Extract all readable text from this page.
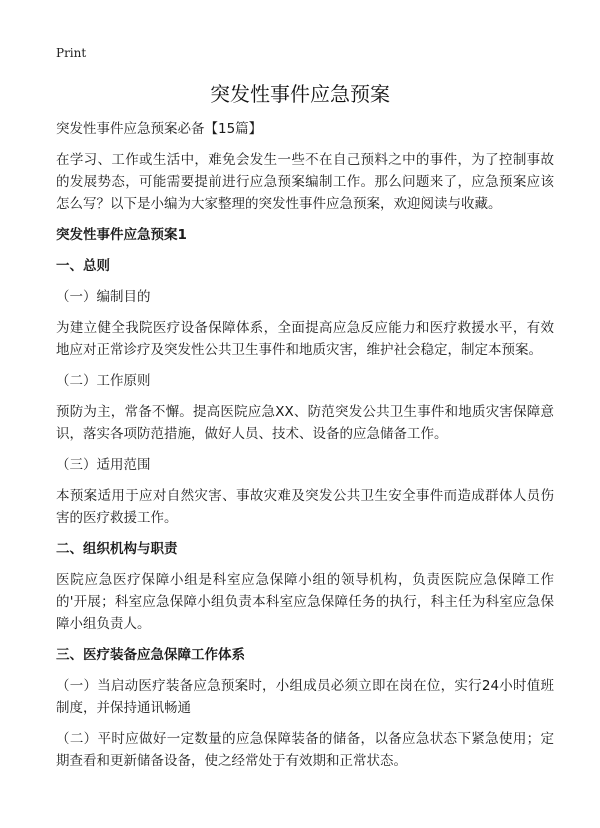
Print
突发性事件应急预案

突发性事件应急预案必备【15篇】

在学习、工作或生活中，难免会发生一些不在自己预料之中的事件，为了控制事故的发展势态，可能需要提前进行应急预案编制工作。那么问题来了，应急预案应该怎么写？以下是小编为大家整理的突发性事件应急预案，欢迎阅读与收藏。

突发性事件应急预案1

一、总则

（一）编制目的

为建立健全我院医疗设备保障体系，全面提高应急反应能力和医疗救援水平，有效地应对正常诊疗及突发性公共卫生事件和地质灾害，维护社会稳定，制定本预案。

（二）工作原则

预防为主，常备不懈。提高医院应急XX、防范突发公共卫生事件和地质灾害保障意识，落实各项防范措施，做好人员、技术、设备的应急储备工作。

（三）适用范围

本预案适用于应对自然灾害、事故灾难及突发公共卫生安全事件而造成群体人员伤害的医疗救援工作。

二、组织机构与职责

医院应急医疗保障小组是科室应急保障小组的领导机构，负责医院应急保障工作的'开展；科室应急保障小组负责本科室应急保障任务的执行，科主任为科室应急保障小组负责人。

三、医疗装备应急保障工作体系

（一）当启动医疗装备应急预案时，小组成员必须立即在岗在位，实行24小时值班制度，并保持通讯畅通

（二）平时应做好一定数量的应急保障装备的储备，以备应急状态下紧急使用；定期查看和更新储备设备，使之经常处于有效期和正常状态。
